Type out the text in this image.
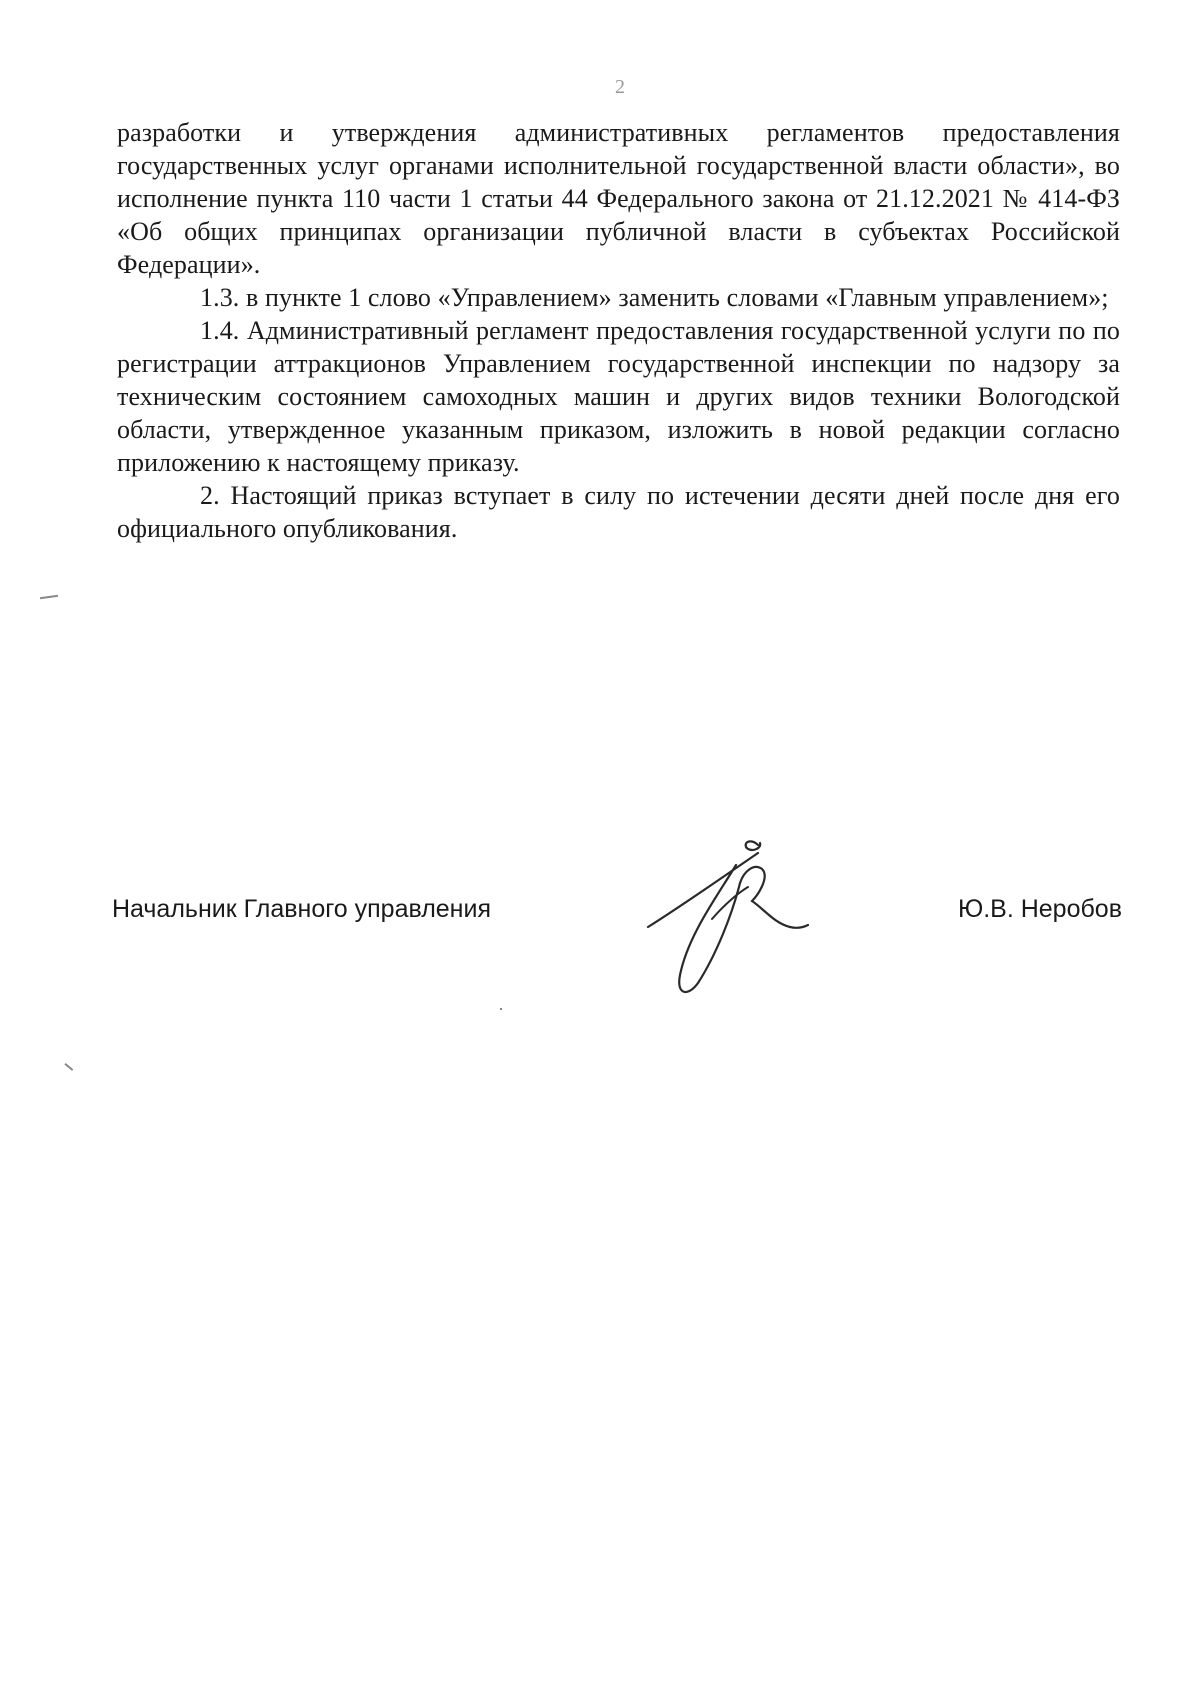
2

разработки и утверждения административных регламентов предоставления государственных услуг органами исполнительной государственной власти области», во исполнение пункта 110 части 1 статьи 44 Федерального закона от 21.12.2021 № 414-ФЗ «Об общих принципах организации публичной власти в субъектах Российской Федерации».

1.3. в пункте 1 слово «Управлением» заменить словами «Главным управлением»;

1.4. Административный регламент предоставления государственной услуги по по регистрации аттракционов Управлением государственной инспекции по надзору за техническим состоянием самоходных машин и других видов техники Вологодской области, утвержденное указанным приказом, изложить в новой редакции согласно приложению к настоящему приказу.

2. Настоящий приказ вступает в силу по истечении десяти дней после дня его официального опубликования.

Начальник Главного управления	Ю.В. Неробов
